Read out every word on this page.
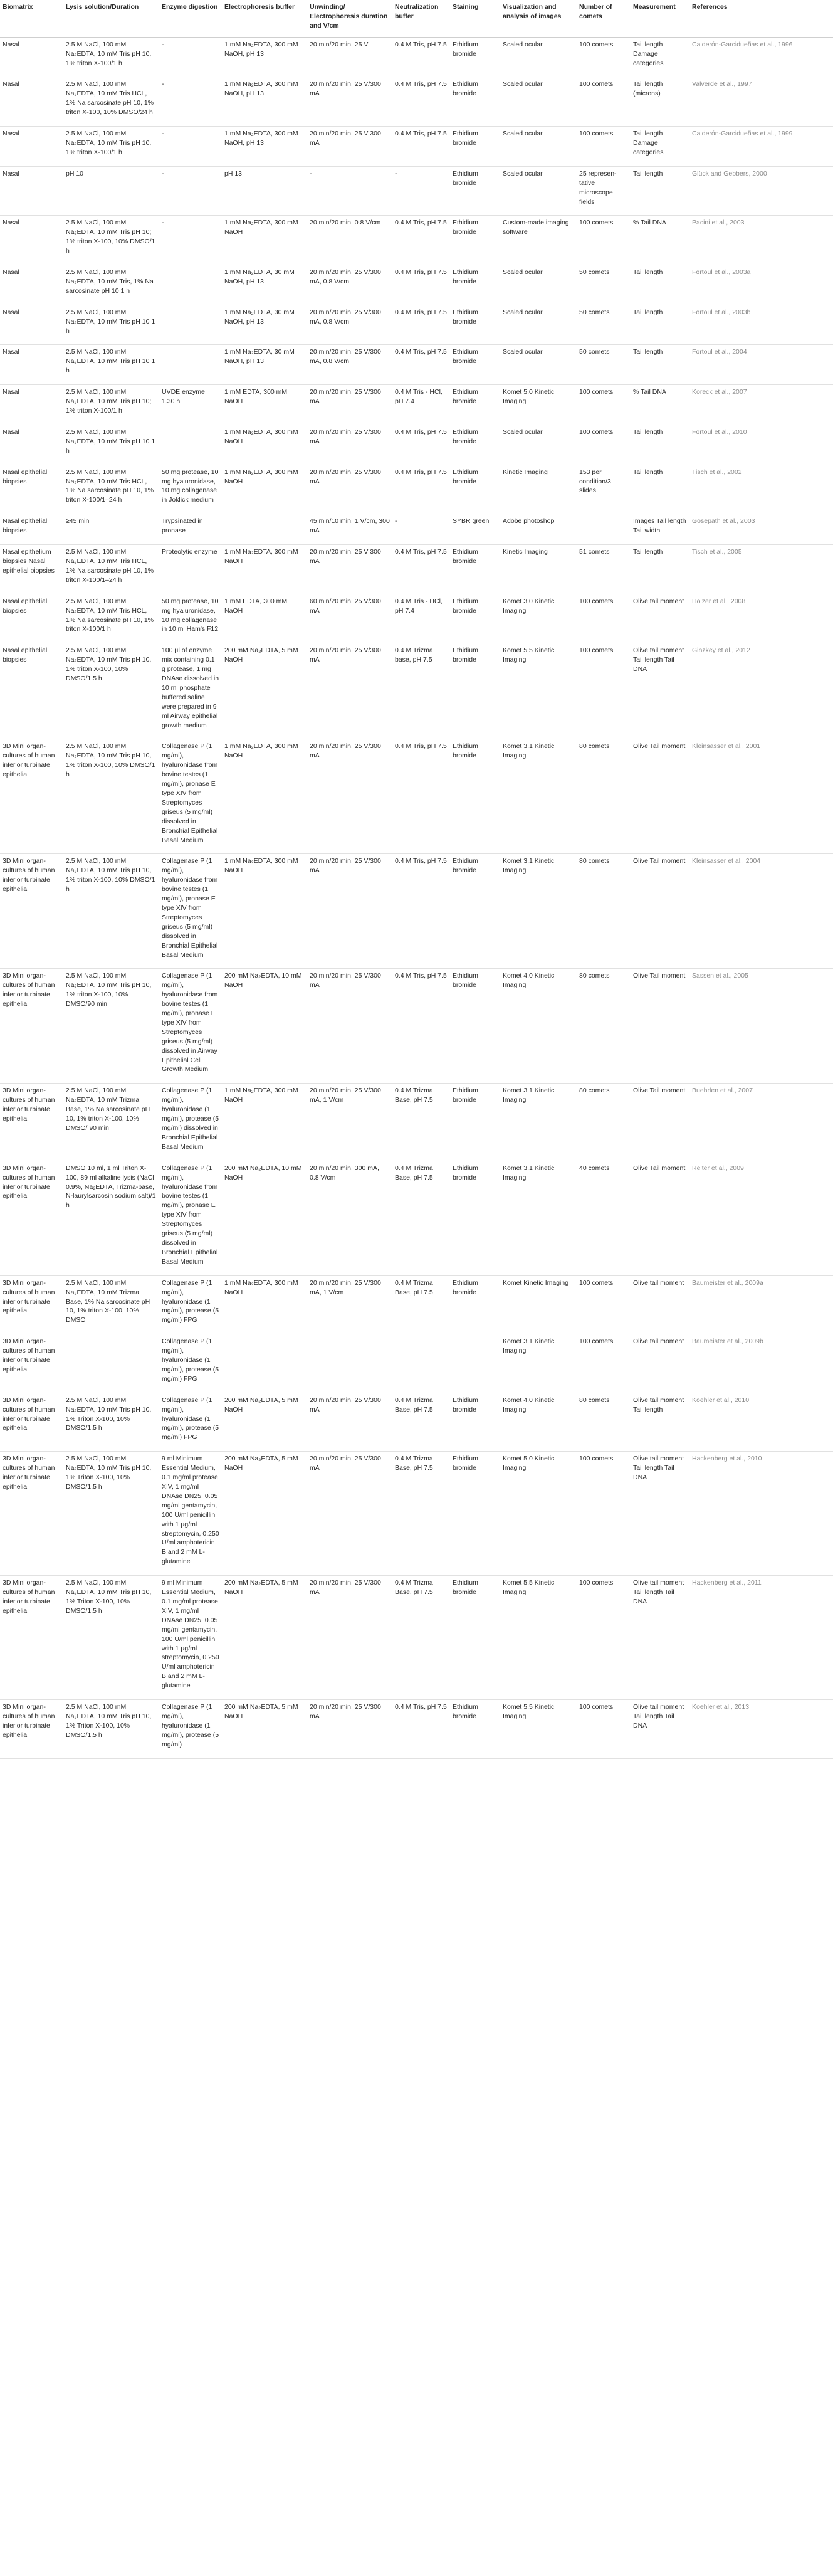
Biomatrix	Lysis solution/Duration	Enzyme digestion	Electrophoresis buffer	Unwinding/ Electrophoresis duration and V/cm	Neutralization buffer	Staining	Visualization and analysis of images	Number of comets	Measurement	References
Nasal	2.5 M NaCl, 100 mM Na₂EDTA, 10 mM Tris pH 10, 1% triton X-100/1 h	-	1 mM Na₂EDTA, 300 mM NaOH, pH 13	20 min/20 min, 25 V	0.4 M Tris, pH 7.5	Ethidium bromide	Scaled ocular	100 comets	Tail length Damage categories	Calderón-Garcidueñas et al., 1996
Nasal	2.5 M NaCl, 100 mM Na₂EDTA, 10 mM Tris HCL, 1% Na sarcosinate pH 10, 1% triton X-100, 10% DMSO/24 h	-	1 mM Na₂EDTA, 300 mM NaOH, pH 13	20 min/20 min, 25 V/300 mA	0.4 M Tris, pH 7.5	Ethidium bromide	Scaled ocular	100 comets	Tail length (microns)	Valverde et al., 1997
Nasal	2.5 M NaCl, 100 mM Na₂EDTA, 10 mM Tris pH 10, 1% triton X-100/1 h	-	1 mM Na₂EDTA, 300 mM NaOH, pH 13	20 min/20 min, 25 V 300 mA	0.4 M Tris, pH 7.5	Ethidium bromide	Scaled ocular	100 comets	Tail length Damage categories	Calderón-Garcidueñas et al., 1999
Nasal	pH 10	-	pH 13	-	-	Ethidium bromide	Scaled ocular	25 represen-tative microscope fields	Tail length	Glück and Gebbers, 2000
Nasal	2.5 M NaCl, 100 mM Na₂EDTA, 10 mM Tris pH 10; 1% triton X-100, 10% DMSO/1 h	-	1 mM Na₂EDTA, 300 mM NaOH	20 min/20 min, 0.8 V/cm	0.4 M Tris, pH 7.5	Ethidium bromide	Custom-made imaging software	100 comets	% Tail DNA	Pacini et al., 2003
Nasal	2.5 M NaCl, 100 mM Na₂EDTA, 10 mM Tris, 1% Na sarcosinate pH 10 1 h		1 mM Na₂EDTA, 30 mM NaOH, pH 13	20 min/20 min, 25 V/300 mA, 0.8 V/cm	0.4 M Tris, pH 7.5	Ethidium bromide	Scaled ocular	50 comets	Tail length	Fortoul et al., 2003a
Nasal	2.5 M NaCl, 100 mM Na₂EDTA, 10 mM Tris pH 10 1 h		1 mM Na₂EDTA, 30 mM NaOH, pH 13	20 min/20 min, 25 V/300 mA, 0.8 V/cm	0.4 M Tris, pH 7.5	Ethidium bromide	Scaled ocular	50 comets	Tail length	Fortoul et al., 2003b
Nasal	2.5 M NaCl, 100 mM Na₂EDTA, 10 mM Tris pH 10 1 h		1 mM Na₂EDTA, 30 mM NaOH, pH 13	20 min/20 min, 25 V/300 mA, 0.8 V/cm	0.4 M Tris, pH 7.5	Ethidium bromide	Scaled ocular	50 comets	Tail length	Fortoul et al., 2004
Nasal	2.5 M NaCl, 100 mM Na₂EDTA, 10 mM Tris pH 10; 1% triton X-100/1 h	UVDE enzyme 1.30 h	1 mM EDTA, 300 mM NaOH	20 min/20 min, 25 V/300 mA	0.4 M Tris - HCl, pH 7.4	Ethidium bromide	Komet 5.0 Kinetic Imaging	100 comets	% Tail DNA	Koreck et al., 2007
Nasal	2.5 M NaCl, 100 mM Na₂EDTA, 10 mM Tris pH 10 1 h		1 mM Na₂EDTA, 300 mM NaOH	20 min/20 min, 25 V/300 mA	0.4 M Tris, pH 7.5	Ethidium bromide	Scaled ocular	100 comets	Tail length	Fortoul et al., 2010
Nasal epithelial biopsies	2.5 M NaCl, 100 mM Na₂EDTA, 10 mM Tris HCL, 1% Na sarcosinate pH 10, 1% triton X-100/1–24 h	50 mg protease, 10 mg hyaluronidase, 10 mg collagenase in Joklick medium	1 mM Na₂EDTA, 300 mM NaOH	20 min/20 min, 25 V/300 mA	0.4 M Tris, pH 7.5	Ethidium bromide	Kinetic Imaging	153 per condition/3 slides	Tail length	Tisch et al., 2002
Nasal epithelial biopsies	≥45 min	Trypsinated in pronase		45 min/10 min, 1 V/cm, 300 mA	-	SYBR green	Adobe photoshop		Images Tail length Tail width	Gosepath et al., 2003
Nasal epithelium biopsies Nasal epithelial biopsies	2.5 M NaCl, 100 mM Na₂EDTA, 10 mM Tris HCL, 1% Na sarcosinate pH 10, 1% triton X-100/1–24 h	Proteolytic enzyme	1 mM Na₂EDTA, 300 mM NaOH	20 min/20 min, 25 V 300 mA	0.4 M Tris, pH 7.5	Ethidium bromide	Kinetic Imaging	51 comets	Tail length	Tisch et al., 2005
Nasal epithelial biopsies	2.5 M NaCl, 100 mM Na₂EDTA, 10 mM Tris HCL, 1% Na sarcosinate pH 10, 1% triton X-100/1 h	50 mg protease, 10 mg hyaluronidase, 10 mg collagenase in 10 ml Ham's F12	1 mM EDTA, 300 mM NaOH	60 min/20 min, 25 V/300 mA	0.4 M Tris - HCl, pH 7.4	Ethidium bromide	Komet 3.0 Kinetic Imaging	100 comets	Olive tail moment	Hölzer et al., 2008
Nasal epithelial biopsies	2.5 M NaCl, 100 mM Na₂EDTA, 10 mM Tris pH 10, 1% triton X-100, 10% DMSO/1.5 h	100 µl of enzyme mix containing 0.1 g protease, 1 mg DNAse dissolved in 10 ml phosphate buffered saline were prepared in 9 ml Airway epithelial growth medium	200 mM Na₂EDTA, 5 mM NaOH	20 min/20 min, 25 V/300 mA	0.4 M Trizma base, pH 7.5	Ethidium bromide	Komet 5.5 Kinetic Imaging	100 comets	Olive tail moment Tail length Tail DNA	Ginzkey et al., 2012
3D Mini organ-cultures of human inferior turbinate epithelia	2.5 M NaCl, 100 mM Na₂EDTA, 10 mM Tris pH 10, 1% triton X-100, 10% DMSO/1 h	Collagenase P (1 mg/ml), hyaluronidase from bovine testes (1 mg/ml), pronase E type XIV from Streptomyces griseus (5 mg/ml) dissolved in Bronchial Epithelial Basal Medium	1 mM Na₂EDTA, 300 mM NaOH	20 min/20 min, 25 V/300 mA	0.4 M Tris, pH 7.5	Ethidium bromide	Komet 3.1 Kinetic Imaging	80 comets	Olive Tail moment	Kleinsasser et al., 2001
3D Mini organ-cultures of human inferior turbinate epithelia	2.5 M NaCl, 100 mM Na₂EDTA, 10 mM Tris pH 10, 1% triton X-100, 10% DMSO/1 h	Collagenase P (1 mg/ml), hyaluronidase from bovine testes (1 mg/ml), pronase E type XIV from Streptomyces griseus (5 mg/ml) dissolved in Bronchial Epithelial Basal Medium	1 mM Na₂EDTA, 300 mM NaOH	20 min/20 min, 25 V/300 mA	0.4 M Tris, pH 7.5	Ethidium bromide	Komet 3.1 Kinetic Imaging	80 comets	Olive Tail moment	Kleinsasser et al., 2004
3D Mini organ-cultures of human inferior turbinate epithelia	2.5 M NaCl, 100 mM Na₂EDTA, 10 mM Tris pH 10, 1% triton X-100, 10% DMSO/90 min	Collagenase P (1 mg/ml), hyaluronidase from bovine testes (1 mg/ml), pronase E type XIV from Streptomyces griseus (5 mg/ml) dissolved in Airway Epithelial Cell Growth Medium	200 mM Na₂EDTA, 10 mM NaOH	20 min/20 min, 25 V/300 mA	0.4 M Tris, pH 7.5	Ethidium bromide	Komet 4.0 Kinetic Imaging	80 comets	Olive Tail moment	Sassen et al., 2005
3D Mini organ-cultures of human inferior turbinate epithelia	2.5 M NaCl, 100 mM Na₂EDTA, 10 mM Trizma Base, 1% Na sarcosinate pH 10, 1% triton X-100, 10% DMSO/ 90 min	Collagenase P (1 mg/ml), hyaluronidase (1 mg/ml), protease (5 mg/ml) dissolved in Bronchial Epithelial Basal Medium	1 mM Na₂EDTA, 300 mM NaOH	20 min/20 min, 25 V/300 mA, 1 V/cm	0.4 M Trizma Base, pH 7.5	Ethidium bromide	Komet 3.1 Kinetic Imaging	80 comets	Olive Tail moment	Buehrlen et al., 2007
3D Mini organ-cultures of human inferior turbinate epithelia	DMSO 10 ml, 1 ml Triton X-100, 89 ml alkaline lysis (NaCl 0.9%, Na₂EDTA, Trizma-base, N-laurylsarcosin sodium salt)/1 h	Collagenase P (1 mg/ml), hyaluronidase from bovine testes (1 mg/ml), pronase E type XIV from Streptomyces griseus (5 mg/ml) dissolved in Bronchial Epithelial Basal Medium	200 mM Na₂EDTA, 10 mM NaOH	20 min/20 min, 300 mA, 0.8 V/cm	0.4 M Trizma Base, pH 7.5	Ethidium bromide	Komet 3.1 Kinetic Imaging	40 comets	Olive Tail moment	Reiter et al., 2009
3D Mini organ-cultures of human inferior turbinate epithelia	2.5 M NaCl, 100 mM Na₂EDTA, 10 mM Trizma Base, 1% Na sarcosinate pH 10, 1% triton X-100, 10% DMSO	Collagenase P (1 mg/ml), hyaluronidase (1 mg/ml), protease (5 mg/ml) FPG	1 mM Na₂EDTA, 300 mM NaOH	20 min/20 min, 25 V/300 mA, 1 V/cm	0.4 M Trizma Base, pH 7.5	Ethidium bromide	Komet Kinetic Imaging	100 comets	Olive tail moment	Baumeister et al., 2009a
3D Mini organ-cultures of human inferior turbinate epithelia		Collagenase P (1 mg/ml), hyaluronidase (1 mg/ml), protease (5 mg/ml) FPG					Komet 3.1 Kinetic Imaging	100 comets	Olive tail moment	Baumeister et al., 2009b
3D Mini organ-cultures of human inferior turbinate epithelia	2.5 M NaCl, 100 mM Na₂EDTA, 10 mM Tris pH 10, 1% Triton X-100, 10% DMSO/1.5 h	Collagenase P (1 mg/ml), hyaluronidase (1 mg/ml), protease (5 mg/ml) FPG	200 mM Na₂EDTA, 5 mM NaOH	20 min/20 min, 25 V/300 mA	0.4 M Trizma Base, pH 7.5	Ethidium bromide	Komet 4.0 Kinetic Imaging	80 comets	Olive tail moment Tail length	Koehler et al., 2010
3D Mini organ-cultures of human inferior turbinate epithelia	2.5 M NaCl, 100 mM Na₂EDTA, 10 mM Tris pH 10, 1% Triton X-100, 10% DMSO/1.5 h	9 ml Minimum Essential Medium, 0.1 mg/ml protease XIV, 1 mg/ml DNAse DN25, 0.05 mg/ml gentamycin, 100 U/ml penicillin with 1 µg/ml streptomycin, 0.250 U/ml amphotericin B and 2 mM L-glutamine	200 mM Na₂EDTA, 5 mM NaOH	20 min/20 min, 25 V/300 mA	0.4 M Trizma Base, pH 7.5	Ethidium bromide	Komet 5.0 Kinetic Imaging	100 comets	Olive tail moment Tail length Tail DNA	Hackenberg et al., 2010
3D Mini organ-cultures of human inferior turbinate epithelia	2.5 M NaCl, 100 mM Na₂EDTA, 10 mM Tris pH 10, 1% Triton X-100, 10% DMSO/1.5 h	9 ml Minimum Essential Medium, 0.1 mg/ml protease XIV, 1 mg/ml DNAse DN25, 0.05 mg/ml gentamycin, 100 U/ml penicillin with 1 µg/ml streptomycin, 0.250 U/ml amphotericin B and 2 mM L-glutamine	200 mM Na₂EDTA, 5 mM NaOH	20 min/20 min, 25 V/300 mA	0.4 M Trizma Base, pH 7.5	Ethidium bromide	Komet 5.5 Kinetic Imaging	100 comets	Olive tail moment Tail length Tail DNA	Hackenberg et al., 2011
3D Mini organ-cultures of human inferior turbinate epithelia	2.5 M NaCl, 100 mM Na₂EDTA, 10 mM Tris pH 10, 1% Triton X-100, 10% DMSO/1.5 h	Collagenase P (1 mg/ml), hyaluronidase (1 mg/ml), protease (5 mg/ml)	200 mM Na₂EDTA, 5 mM NaOH	20 min/20 min, 25 V/300 mA	0.4 M Tris, pH 7.5	Ethidium bromide	Komet 5.5 Kinetic Imaging	100 comets	Olive tail moment Tail length Tail DNA	Koehler et al., 2013
